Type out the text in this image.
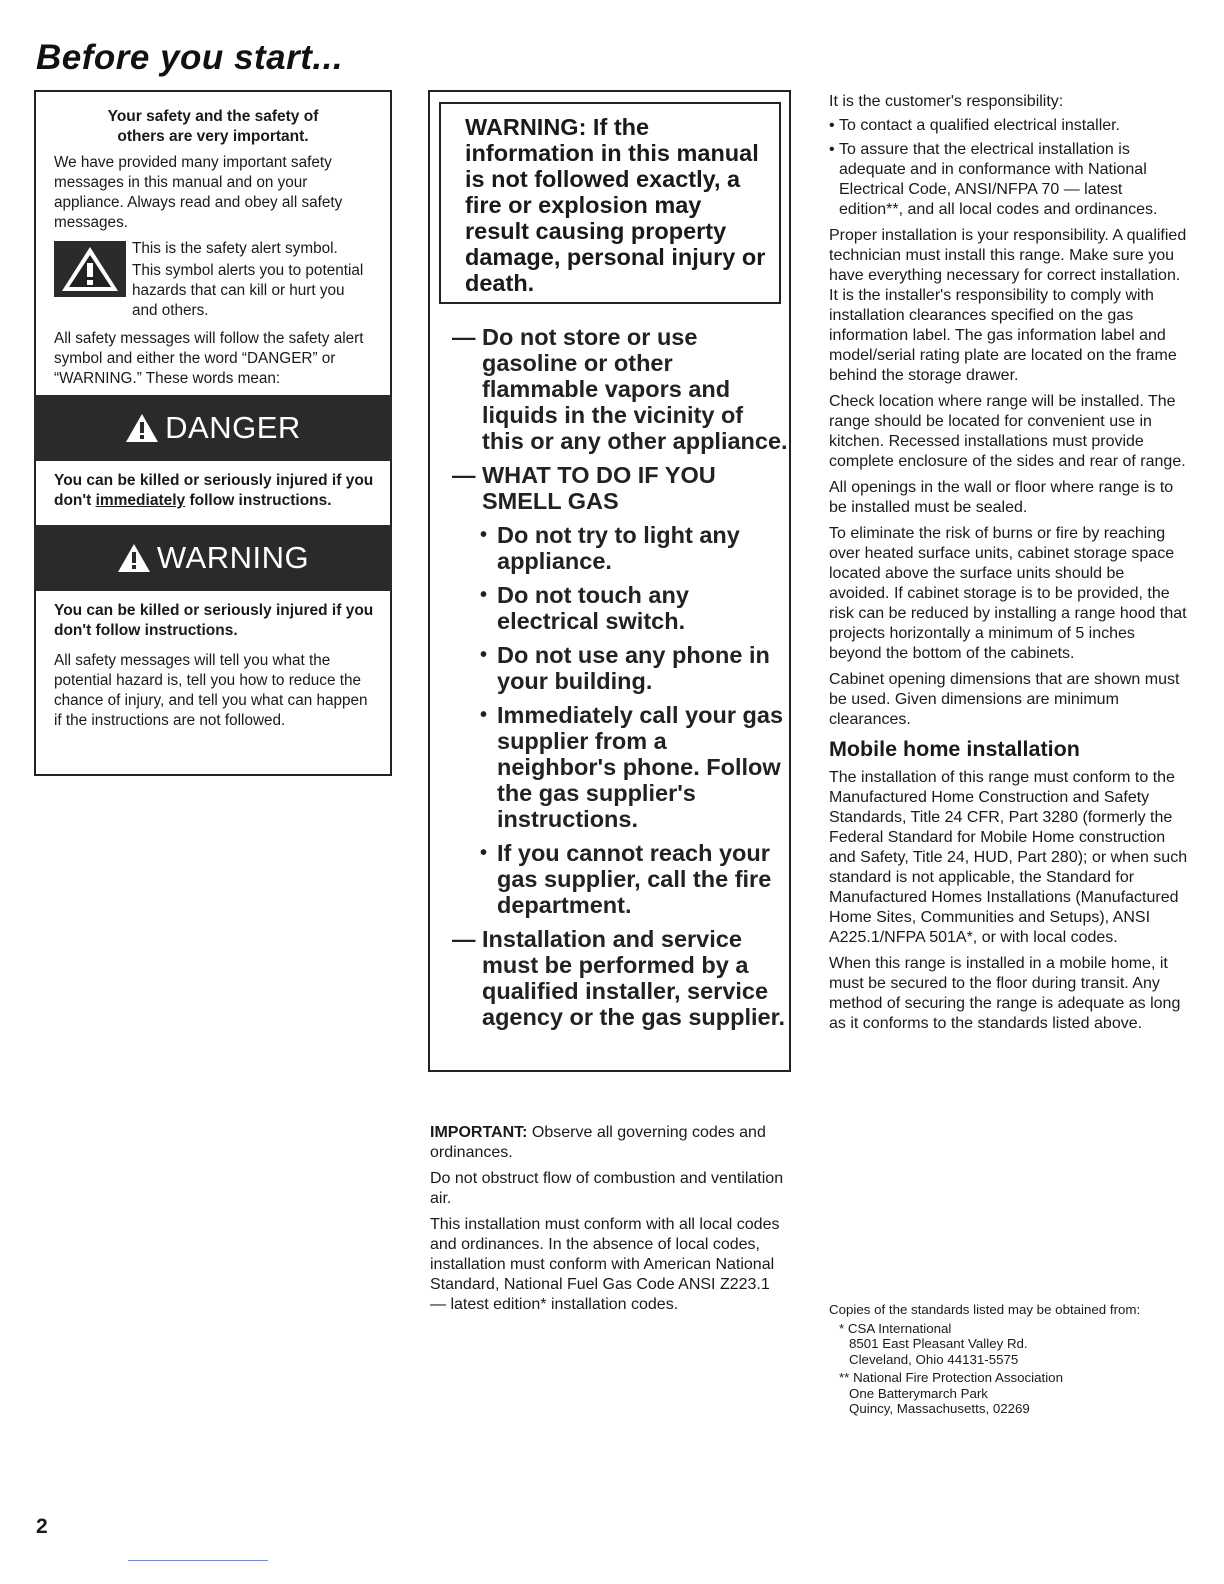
Before you start...
Your safety and the safety of
others are very important.

We have provided many important safety messages in this manual and on your appliance. Always read and obey all safety messages.

This is the safety alert symbol.
This symbol alerts you to potential hazards that can kill or hurt you and others.

All safety messages will follow the safety alert symbol and either the word “DANGER” or “WARNING.” These words mean:

DANGER
You can be killed or seriously injured if you don't immediately follow instructions.
WARNING
You can be killed or seriously injured if you don't follow instructions.

All safety messages will tell you what the potential hazard is, tell you how to reduce the chance of injury, and tell you what can happen if the instructions are not followed.

WARNING: If the information in this manual is not followed exactly, a fire or explosion may result causing property damage, personal injury or death.
— Do not store or use gasoline or other flammable vapors and liquids in the vicinity of this or any other appliance.
— WHAT TO DO IF YOU SMELL GAS
• Do not try to light any appliance.
• Do not touch any electrical switch.
• Do not use any phone in your building.
• Immediately call your gas supplier from a neighbor's phone. Follow the gas supplier's instructions.
• If you cannot reach your gas supplier, call the fire department.
— Installation and service must be performed by a qualified installer, service agency or the gas supplier.

IMPORTANT: Observe all governing codes and ordinances.

Do not obstruct flow of combustion and ventilation air.

This installation must conform with all local codes and ordinances. In the absence of local codes, installation must conform with American National Standard, National Fuel Gas Code ANSI Z223.1 — latest edition* installation codes.

It is the customer's responsibility:

• To contact a qualified electrical installer.
• To assure that the electrical installation is adequate and in conformance with National Electrical Code, ANSI/NFPA 70 — latest edition**, and all local codes and ordinances.

Proper installation is your responsibility. A qualified technician must install this range. Make sure you have everything necessary for correct installation. It is the installer's responsibility to comply with installation clearances specified on the gas information label. The gas information label and model/serial rating plate are located on the frame behind the storage drawer.

Check location where range will be installed. The range should be located for convenient use in kitchen. Recessed installations must provide complete enclosure of the sides and rear of range.

All openings in the wall or floor where range is to be installed must be sealed.

To eliminate the risk of burns or fire by reaching over heated surface units, cabinet storage space located above the surface units should be avoided. If cabinet storage is to be provided, the risk can be reduced by installing a range hood that projects horizontally a minimum of 5 inches beyond the bottom of the cabinets.

Cabinet opening dimensions that are shown must be used. Given dimensions are minimum clearances.

Mobile home installation

The installation of this range must conform to the Manufactured Home Construction and Safety Standards, Title 24 CFR, Part 3280 (formerly the Federal Standard for Mobile Home construction and Safety, Title 24, HUD, Part 280); or when such standard is not applicable, the Standard for Manufactured Homes Installations (Manufactured Home Sites, Communities and Setups), ANSI A225.1/NFPA 501A*, or with local codes.

When this range is installed in a mobile home, it must be secured to the floor during transit. Any method of securing the range is adequate as long as it conforms to the standards listed above.

Copies of the standards listed may be obtained from:

* CSA International
8501 East Pleasant Valley Rd.
Cleveland, Ohio 44131-5575
** National Fire Protection Association
One Batterymarch Park
Quincy, Massachusetts, 02269
2
